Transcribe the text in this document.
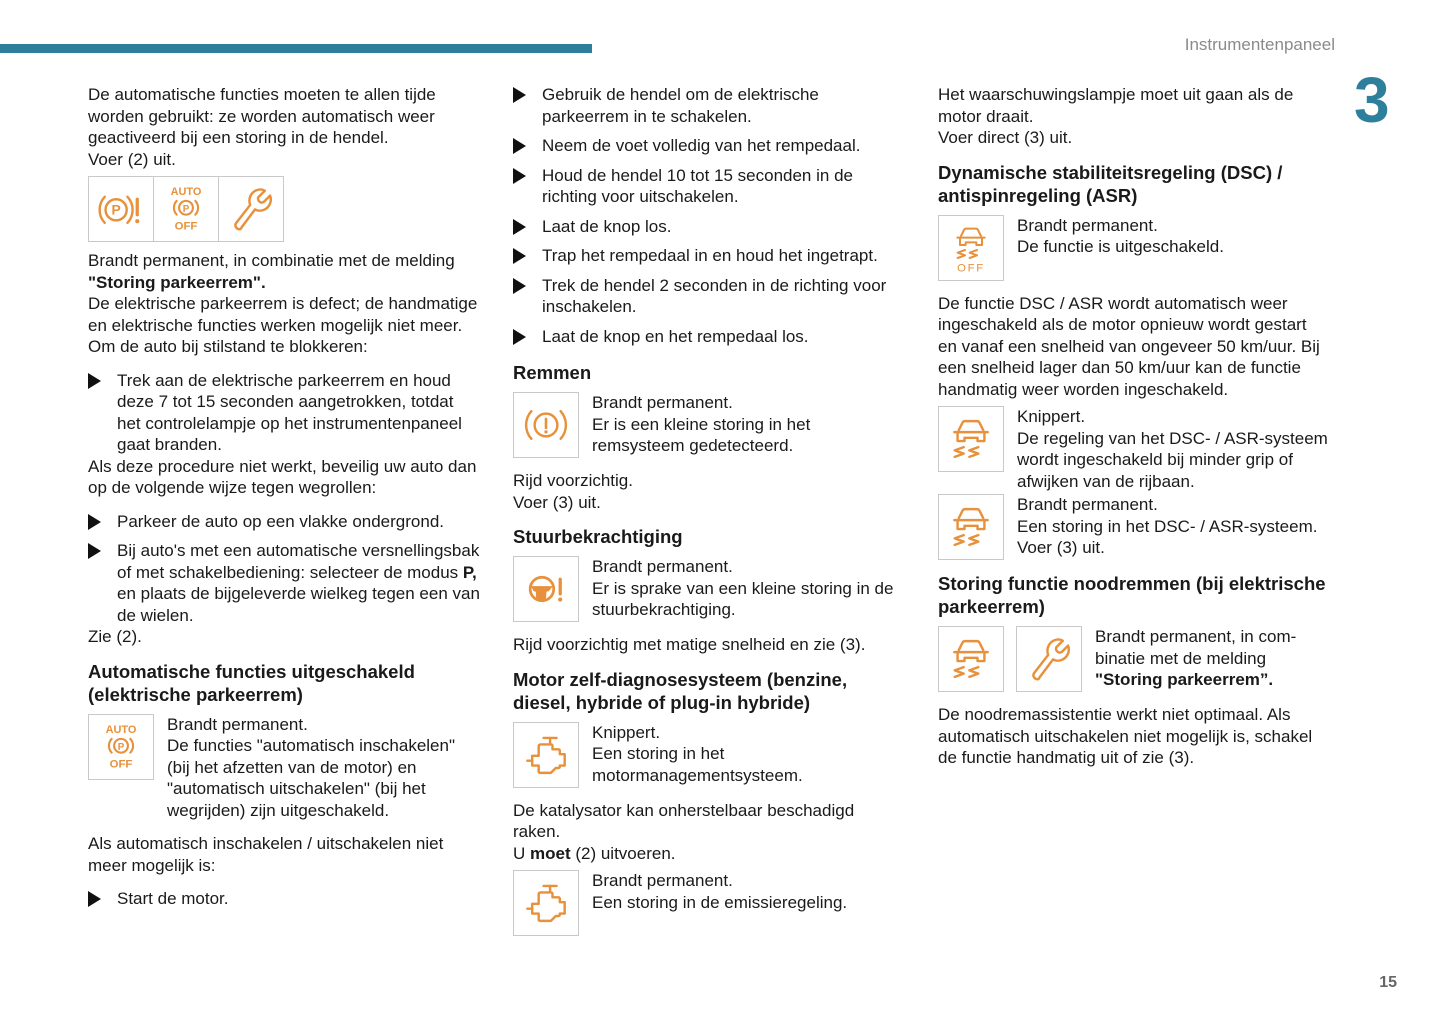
Instrumentenpaneel
3

De automatische functies moeten te allen tijde worden gebruikt: ze worden automatisch weer geactiveerd bij een storing in de hendel.

Voer (2) uit.

Brandt permanent, in combinatie met de melding "Storing parkeerrem".

De elektrische parkeerrem is defect; de handmatige en elektrische functies werken mogelijk niet meer.

Om de auto bij stilstand te blokkeren:

Trek aan de elektrische parkeerrem en houd deze 7 tot 15 seconden aangetrokken, totdat het controlelampje op het instrumentenpaneel gaat branden.

Als deze procedure niet werkt, beveilig uw auto dan op de volgende wijze tegen wegrollen:

Parkeer de auto op een vlakke ondergrond.
Bij auto's met een automatische versnellingsbak of met schakelbediening: selecteer de modus P, en plaats de bijgeleverde wielkeg tegen een van de wielen.

Zie (2).

Automatische functies uitgeschakeld (elektrische parkeerrem)
Brandt permanent.
De functies "automatisch inschakelen" (bij het afzetten van de motor) en "automatisch uitschakelen" (bij het wegrijden) zijn uitgeschakeld.

Als automatisch inschakelen / uitschakelen niet meer mogelijk is:

Start de motor.
Gebruik de hendel om de elektrische parkeerrem in te schakelen.
Neem de voet volledig van het rempedaal.
Houd de hendel 10 tot 15 seconden in de richting voor uitschakelen.
Laat de knop los.
Trap het rempedaal in en houd het ingetrapt.
Trek de hendel 2 seconden in de richting voor inschakelen.
Laat de knop en het rempedaal los.
Remmen
Brandt permanent.
Er is een kleine storing in het remsysteem gedetecteerd.

Rijd voorzichtig.

Voer (3) uit.

Stuurbekrachtiging
Brandt permanent.
Er is sprake van een kleine storing in de stuurbekrachtiging.

Rijd voorzichtig met matige snelheid en zie (3).

Motor zelf-diagnosesysteem (benzine, diesel, hybride of plug-in hybride)
Knippert.
Een storing in het motormanagementsysteem.

De katalysator kan onherstelbaar beschadigd raken.

U moet (2) uitvoeren.

Brandt permanent.
Een storing in de emissieregeling.

Het waarschuwingslampje moet uit gaan als de motor draait.

Voer direct (3) uit.

Dynamische stabiliteitsregeling (DSC) / antispinregeling (ASR)
Brandt permanent.
De functie is uitgeschakeld.

De functie DSC / ASR wordt automatisch weer ingeschakeld als de motor opnieuw wordt gestart en vanaf een snelheid van ongeveer 50 km/uur. Bij een snelheid lager dan 50 km/uur kan de functie handmatig weer worden ingeschakeld.

Knippert.
De regeling van het DSC- / ASR-systeem wordt ingeschakeld bij minder grip of afwijken van de rijbaan.
Brandt permanent.
Een storing in het DSC- / ASR-systeem.
Voer (3) uit.
Storing functie noodremmen (bij elektrische parkeerrem)
Brandt permanent, in com-binatie met de melding "Storing parkeerrem”.

De noodremassistentie werkt niet optimaal. Als automatisch uitschakelen niet mogelijk is, schakel de functie handmatig uit of zie (3).

15
